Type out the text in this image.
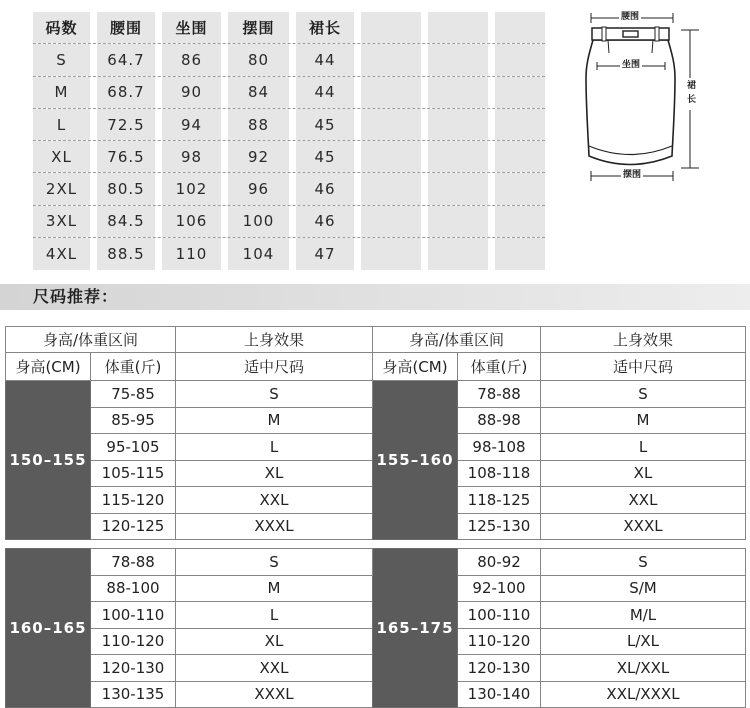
码数	腰围	坐围	摆围	裙长
S	64.7	86	80	44
M	68.7	90	84	44
L	72.5	94	88	45
XL	76.5	98	92	45
2XL	80.5	102	96	46
3XL	84.5	106	100	46
4XL	88.5	110	104	47
腰围
坐围
摆围
裙长
尺码推荐：
身高/体重区间		上身效果	身高/体重区间		上身效果
身高(CM)	体重(斤)	适中尺码	身高(CM)	体重(斤)	适中尺码
150–155	75-85	S	155–160	78-88	S
	85-95	M		88-98	M
	95-105	L		98-108	L
	105-115	XL		108-118	XL
	115-120	XXL		118-125	XXL
	120-125	XXXL		125-130	XXXL
160–165	78-88	S	165–175	80-92	S
	88-100	M		92-100	S/M
	100-110	L		100-110	M/L
	110-120	XL		110-120	L/XL
	120-130	XXL		120-130	XL/XXL
	130-135	XXXL		130-140	XXL/XXXL
